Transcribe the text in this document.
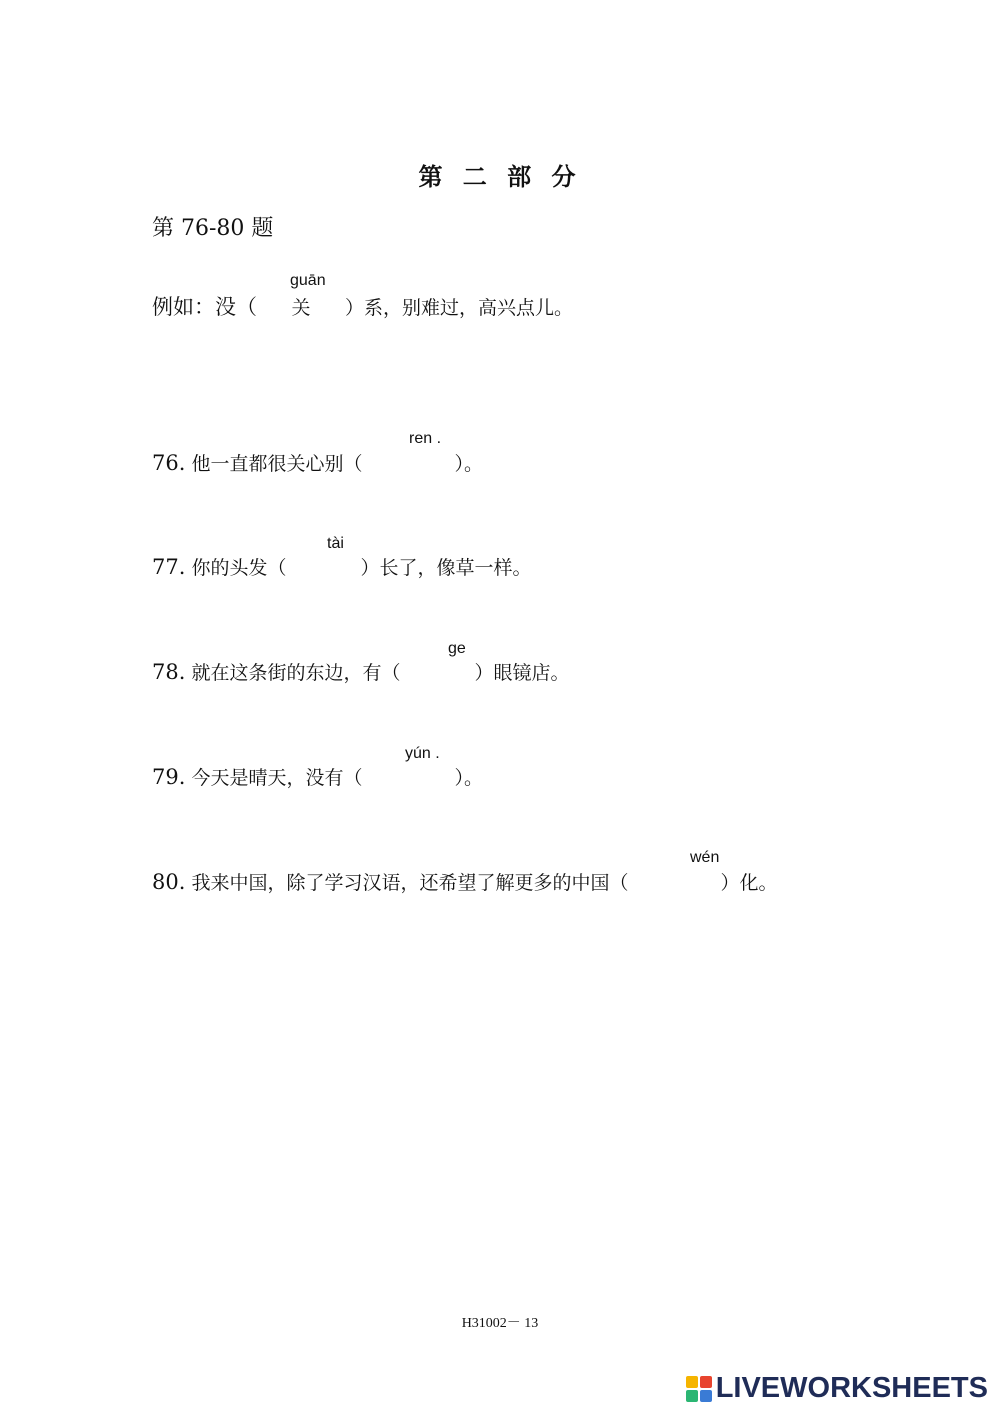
第 二 部 分
第 76-80 题
guān
例如：没（ 关 ）系，别难过，高兴点儿。
ren .
76. 他一直都很关心别（	）。
tài
77. 你的头发（	）长了，像草一样。
ge
78. 就在这条街的东边，有（	）眼镜店。
yún .
79. 今天是晴天，没有（	）。
wén
80. 我来中国，除了学习汉语，还希望了解更多的中国（	）化。
H31002－ 13
LIVEWORKSHEETS
